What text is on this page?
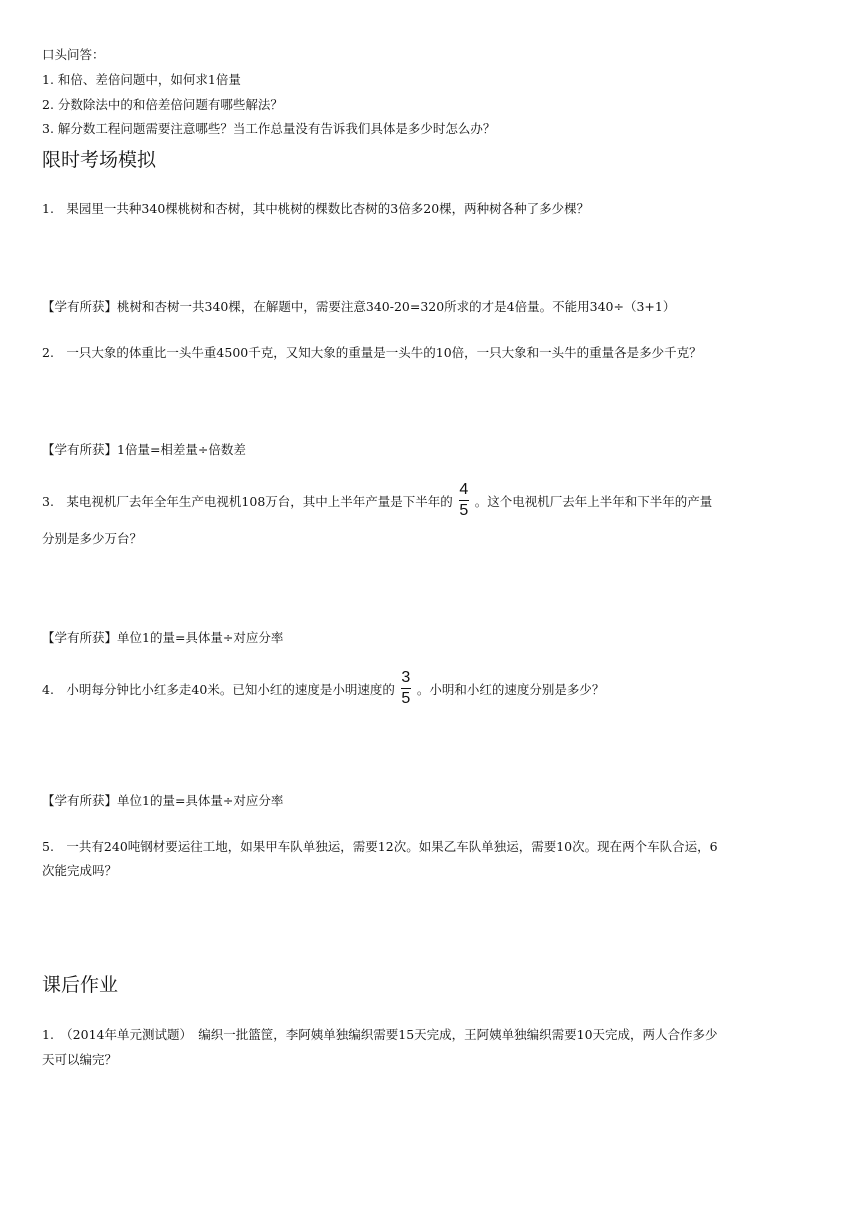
口头问答：
1. 和倍、差倍问题中，如何求1倍量
2. 分数除法中的和倍差倍问题有哪些解法？
3. 解分数工程问题需要注意哪些？当工作总量没有告诉我们具体是多少时怎么办？
限时考场模拟
1.　果园里一共种340棵桃树和杏树，其中桃树的棵数比杏树的3倍多20棵，两种树各种了多少棵？
【学有所获】桃树和杏树一共340棵，在解题中，需要注意340-20=320所求的才是4倍量。不能用340÷（3+1）
2.　一只大象的体重比一头牛重4500千克，又知大象的重量是一头牛的10倍，一只大象和一头牛的重量各是多少千克？
【学有所获】1倍量=相差量÷倍数差
3.　某电视机厂去年全年生产电视机108万台，其中上半年产量是下半年的 $\frac{4}{5}$ 。这个电视机厂去年上半年和下半年的产量
分别是多少万台？
【学有所获】单位1的量=具体量÷对应分率
4.　小明每分钟比小红多走40米。已知小红的速度是小明速度的 $\frac{3}{5}$ 。小明和小红的速度分别是多少？
【学有所获】单位1的量=具体量÷对应分率
5.　一共有240吨钢材要运往工地，如果甲车队单独运，需要12次。如果乙车队单独运，需要10次。现在两个车队合运，6
次能完成吗？
课后作业
1.　（2014年单元测试题）　编织一批篮筐，李阿姨单独编织需要15天完成，王阿姨单独编织需要10天完成，两人合作多少
天可以编完？
